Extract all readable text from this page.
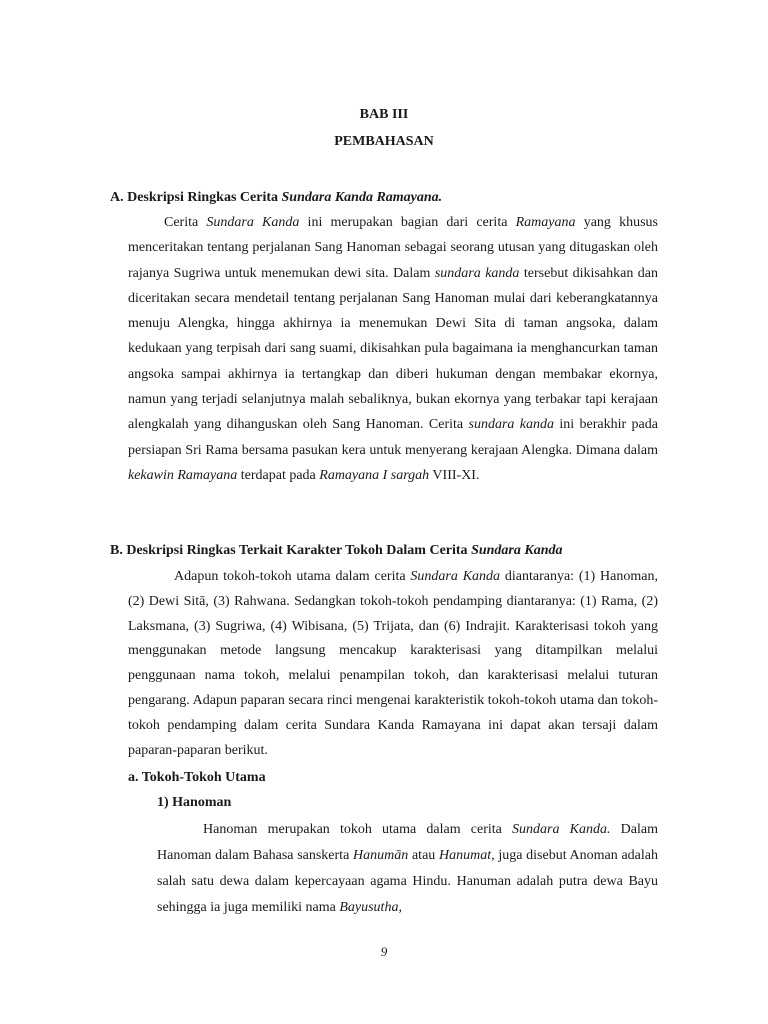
BAB III
PEMBAHASAN
A. Deskripsi Ringkas Cerita Sundara Kanda Ramayana.

Cerita Sundara Kanda ini merupakan bagian dari cerita Ramayana yang khusus menceritakan tentang perjalanan Sang Hanoman sebagai seorang utusan yang ditugaskan oleh rajanya Sugriwa untuk menemukan dewi sita. Dalam sundara kanda tersebut dikisahkan dan diceritakan secara mendetail tentang perjalanan Sang Hanoman mulai dari keberangkatannya menuju Alengka, hingga akhirnya ia menemukan Dewi Sita di taman angsoka, dalam kedukaan yang terpisah dari sang suami, dikisahkan pula bagaimana ia menghancurkan taman angsoka sampai akhirnya ia tertangkap dan diberi hukuman dengan membakar ekornya, namun yang terjadi selanjutnya malah sebaliknya, bukan ekornya yang terbakar tapi kerajaan alengkalah yang dihanguskan oleh Sang Hanoman. Cerita sundara kanda ini berakhir pada persiapan Sri Rama bersama pasukan kera untuk menyerang kerajaan Alengka. Dimana dalam kekawin Ramayana terdapat pada Ramayana I sargah VIII-XI.

B. Deskripsi Ringkas Terkait Karakter Tokoh Dalam Cerita Sundara Kanda

Adapun tokoh-tokoh utama dalam cerita Sundara Kanda diantaranya: (1) Hanoman, (2) Dewi Sitā, (3) Rahwana. Sedangkan tokoh-tokoh pendamping diantaranya: (1) Rama, (2) Laksmana, (3) Sugriwa, (4) Wibisana, (5) Trijata, dan (6) Indrajit. Karakterisasi tokoh yang menggunakan metode langsung mencakup karakterisasi yang ditampilkan melalui penggunaan nama tokoh, melalui penampilan tokoh, dan karakterisasi melalui tuturan pengarang. Adapun paparan secara rinci mengenai karakteristik tokoh-tokoh utama dan tokoh-tokoh pendamping dalam cerita Sundara Kanda Ramayana ini dapat akan tersaji dalam paparan-paparan berikut.

a. Tokoh-Tokoh Utama
1) Hanoman

Hanoman merupakan tokoh utama dalam cerita Sundara Kanda. Dalam Hanoman dalam Bahasa sanskerta Hanumān atau Hanumat, juga disebut Anoman adalah salah satu dewa dalam kepercayaan agama Hindu. Hanuman adalah putra dewa Bayu sehingga ia juga memiliki nama Bayusutha,

9
